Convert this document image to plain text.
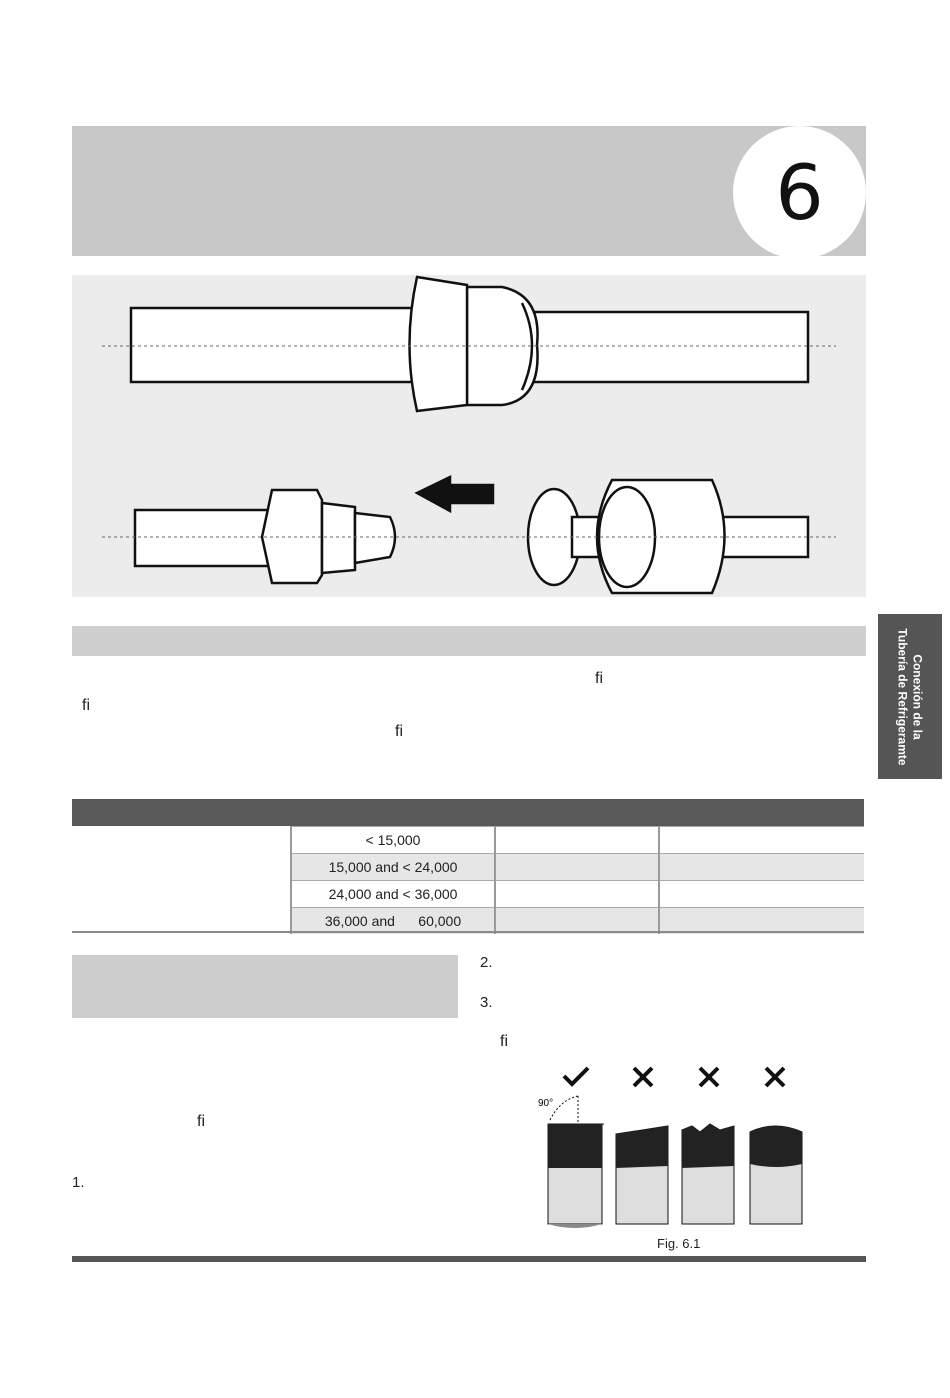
6
fi
fi
fi	Conexión de la
Tubería de Refrigeramte
	< 15,000		
	15,000 and < 24,000		
	24,000 and < 36,000		
	36,000 and      60,000		
2.
3.
fi
fi
1.
90°
Fig. 6.1
